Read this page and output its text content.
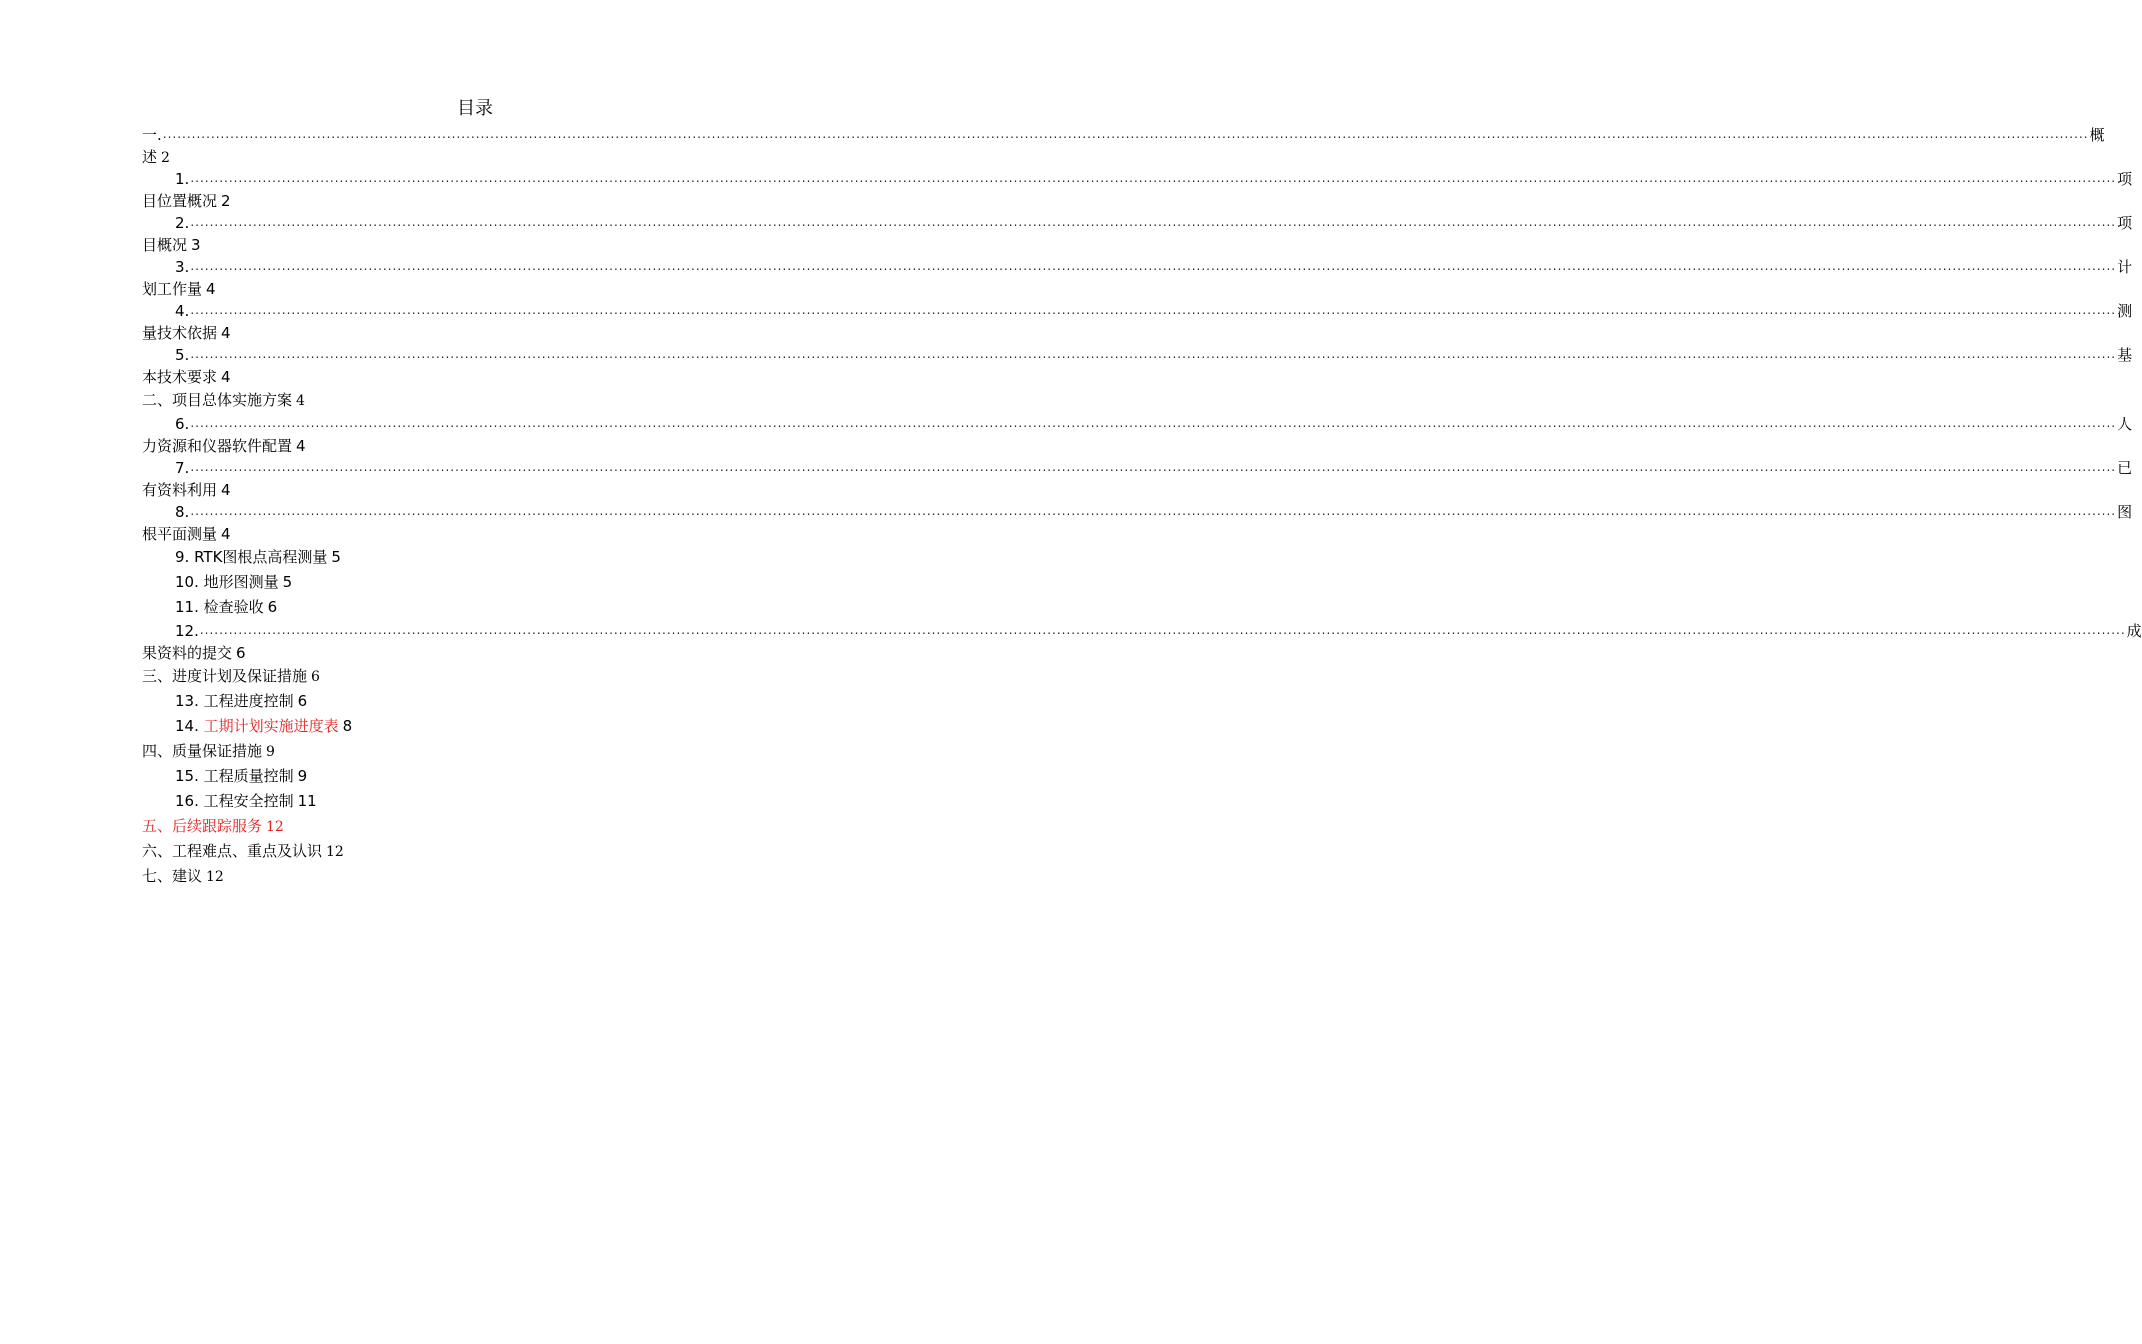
目录
一. ................................................................................................................................................................................................................................................................................................................................................................................................................ 概
述 2
1. ................................................................................................................................................................................................................................................................................................................................................................................................................ 项
目位置概况 2
2. ................................................................................................................................................................................................................................................................................................................................................................................................................ 项
目概况 3
3. ................................................................................................................................................................................................................................................................................................................................................................................................................ 计
划工作量 4
4. ................................................................................................................................................................................................................................................................................................................................................................................................................ 测
量技术依据 4
5. ................................................................................................................................................................................................................................................................................................................................................................................................................ 基
本技术要求 4
二、项目总体实施方案 4
6. ................................................................................................................................................................................................................................................................................................................................................................................................................ 人
力资源和仪器软件配置 4
7. ................................................................................................................................................................................................................................................................................................................................................................................................................ 已
有资料利用 4
8. ................................................................................................................................................................................................................................................................................................................................................................................................................ 图
根平面测量 4
9. RTK图根点高程测量 5
10. 地形图测量 5
11. 检查验收 6
12. ................................................................................................................................................................................................................................................................................................................................................................................................................ 成
果资料的提交 6
三、进度计划及保证措施 6
13. 工程进度控制 6
14. 工期计划实施进度表 8
四、质量保证措施 9
15. 工程质量控制 9
16. 工程安全控制 11
五、后续跟踪服务 12
六、工程难点、重点及认识 12
七、建议 12
